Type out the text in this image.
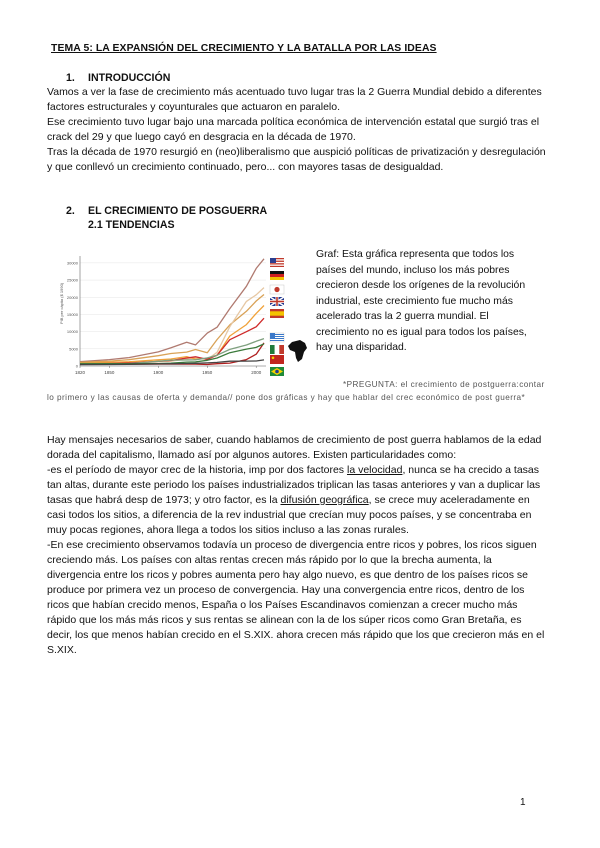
TEMA 5: LA EXPANSIÓN DEL CRECIMIENTO Y LA BATALLA POR LAS IDEAS
1. INTRODUCCIÓN

Vamos a ver la fase de crecimiento más acentuado tuvo lugar tras la 2 Guerra Mundial debido a diferentes factores estructurales y coyunturales que actuaron en paralelo.

Ese crecimiento tuvo lugar bajo una marcada política económica de intervención estatal que surgió tras el crack del 29 y que luego cayó en desgracia en la década de 1970.

Tras la década de 1970 resurgió en (neo)liberalismo que auspició políticas de privatización y desregulación y que conllevó un crecimiento continuado, pero... con mayores tasas de desigualdad.

2. EL CRECIMIENTO DE POSGUERRA
2.1 TENDENCIAS
0
5000
10000
15000
20000
25000
30000
1820	1850	1900	1950	2000
PIB per cápita ($ 1990)
Graf: Esta gráfica representa que todos los países del mundo, incluso los más pobres crecieron desde los orígenes de la revolución industrial, este crecimiento fue mucho más acelerado tras la 2 guerra mundial. El crecimiento no es igual para todos los países, hay una disparidad.
*PREGUNTA: el crecimiento de postguerra:contar lo primero y las causas de oferta y demanda// pone dos gráficas y hay que hablar del crec económico de post guerra*

Hay mensajes necesarios de saber, cuando hablamos de crecimiento de post guerra hablamos de la edad dorada del capitalismo, llamado así por algunos autores. Existen particularidades como:

-es el período de mayor crec de la historia, imp por dos factores la velocidad, nunca se ha crecido a tasas tan altas, durante este periodo los países industrializados triplican las tasas anteriores y van a duplicar las tasas que habrá desp de 1973; y otro factor, es la difusión geográfica, se crece muy aceleradamente en casi todos los sitios, a diferencia de la rev industrial que crecían muy pocos países, y se concentraba en muy pocas regiones, ahora llega a todos los sitios incluso a las zonas rurales.

-En ese crecimiento observamos todavía un proceso de divergencia entre ricos y pobres, los ricos siguen creciendo más. Los países con altas rentas crecen más rápido por lo que la brecha aumenta, la divergencia entre los ricos y pobres aumenta pero hay algo nuevo, es que dentro de los países ricos se produce por primera vez un proceso de convergencia. Hay una convergencia entre ricos, dentro de los ricos que habían crecido menos, España o los Países Escandinavos comienzan a crecer mucho más rápido que los más más ricos y sus rentas se alinean con la de los súper ricos como Gran Bretaña, es decir, los que menos habían crecido en el S.XIX. ahora crecen más rápido que los que crecieron más en el S.XIX.

1
